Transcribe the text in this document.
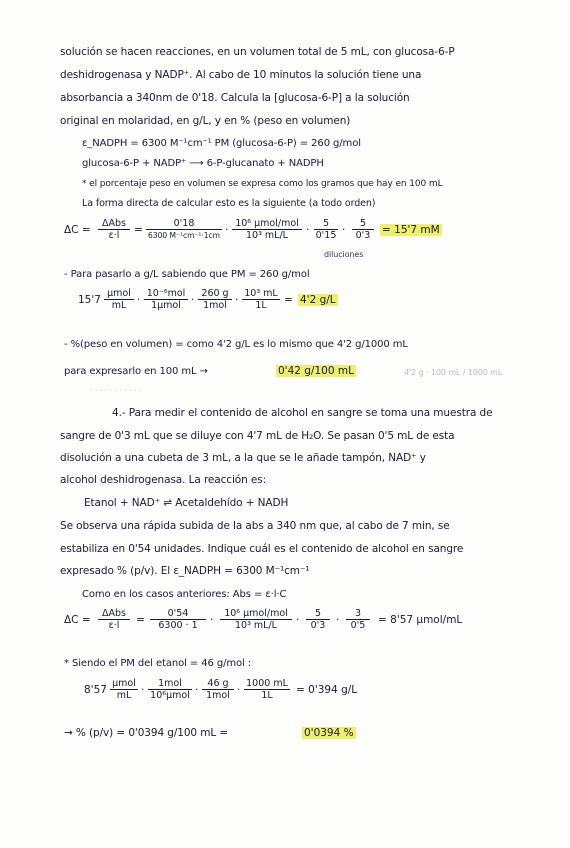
solución se hacen reacciones, en un volumen total de 5 mL, con glucosa-6-P
deshidrogenasa y NADP⁺. Al cabo de 10 minutos la solución tiene una
absorbancia a 340nm de 0'18. Calcula la [glucosa-6-P] a la solución
original en molaridad, en g/L, y en % (peso en volumen)
ε_NADPH = 6300 M⁻¹cm⁻¹ PM (glucosa-6-P) = 260 g/mol
glucosa-6-P + NADP⁺ ⟶ 6-P-glucanato + NADPH
* el porcentaje peso en volumen se expresa como los gramos que hay en 100 mL
La forma directa de calcular esto es la siguiente (a todo orden)
ΔC =
ΔAbs
ε·l	=
0'18
6300 M⁻¹cm⁻¹·1cm ·
10⁶ µmol/mol
10³ mL/L	· $\frac{5}{0'15} \cdot \frac{5}{0'3} = 15'7$ mM
diluciones
- Para pasarlo a g/L sabiendo que PM = 260 g/mol
15'7
µmol
mL	·
10⁻⁶mol
1µmol ·
260 g
$1mol \cdot \frac{\text{10³ mL}}{1L} = 4'2$ g/L
- %(peso en volumen) = como 4'2 g/L es lo mismo que 4'2 g/1000 mL
para expresarlo en 100 mL →	0'42 g/100 mL	4'2 g · 100 mL / 1000 mL
· · · · · · · · · · ·
4.- Para medir el contenido de alcohol en sangre se toma una muestra de
sangre de 0'3 mL que se diluye con 4'7 mL de H₂O. Se pasan 0'5 mL de esta
disolución a una cubeta de 3 mL, a la que se le añade tampón, NAD⁺ y
alcohol deshidrogenasa. La reacción es:
Etanol + NAD⁺ ⇌ Acetaldehído + NADH
Se observa una rápida subida de la abs a 340 nm que, al cabo de 7 min, se
estabiliza en 0'54 unidades. Indique cuál es el contenido de alcohol en sangre
expresado % (p/v). El ε_NADPH = 6300 M⁻¹cm⁻¹
Como en los casos anteriores: Abs = ε·l·C
ΔC =
ΔAbs
ε·l	= $\frac{0'54}{6300 \cdot 1}$ ·
10⁶ µmol/mol
10³ mL/L	· $\frac{5}{0'3} \cdot \frac{3}{0'5} = 8'57$ µmol/mL
* Siendo el PM del etanol = 46 g/mol :
8'57
µmol
mL ·
1mol
10⁶µmol ·
46 g
$1mol \cdot \frac{1000 mL}{1L} = 0'394$ g/L
→ % (p/v) = 0'0394 g/100 mL =	0'0394 %
